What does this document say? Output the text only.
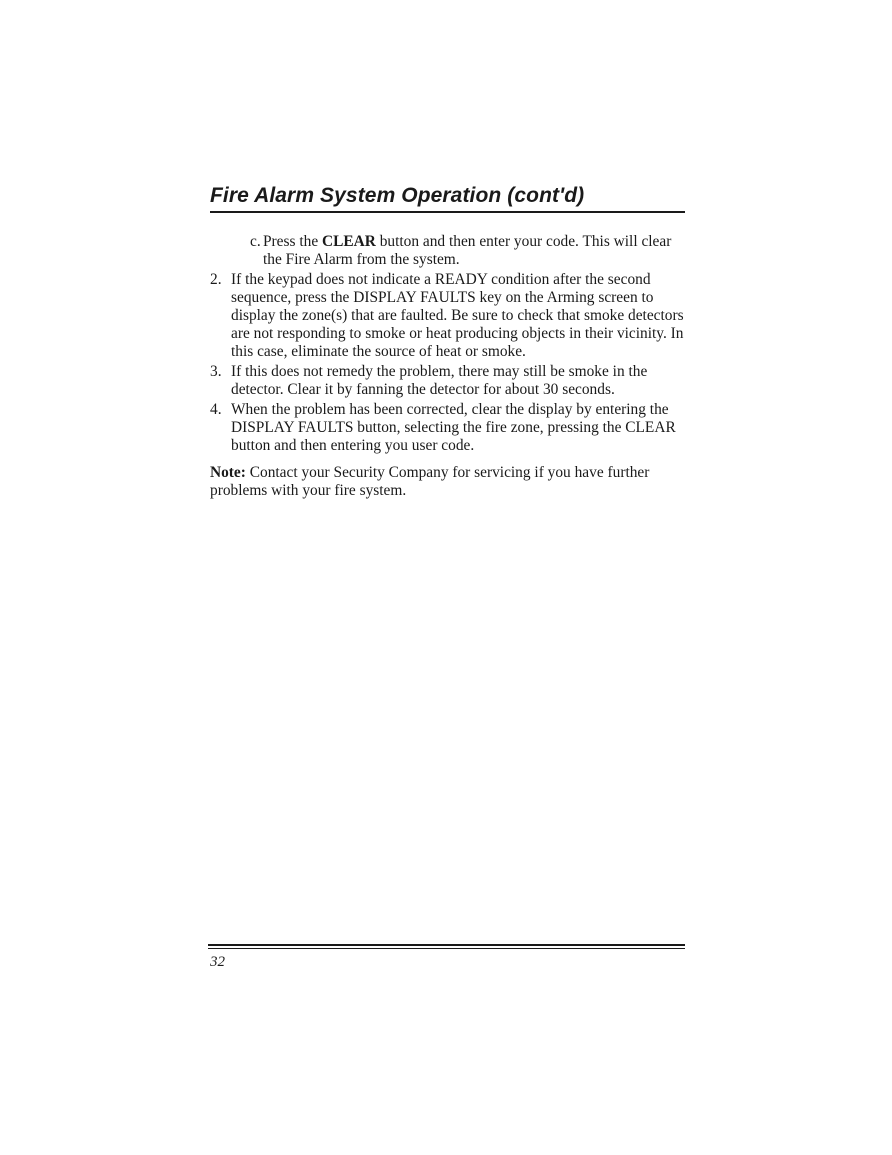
Fire Alarm System Operation (cont'd)
c. Press the CLEAR button and then enter your code. This will clear the Fire Alarm from the system.
2. If the keypad does not indicate a READY condition after the second sequence, press the DISPLAY FAULTS key on the Arming screen to display the zone(s) that are faulted. Be sure to check that smoke detectors are not responding to smoke or heat producing objects in their vicinity. In this case, eliminate the source of heat or smoke.
3. If this does not remedy the problem, there may still be smoke in the detector. Clear it by fanning the detector for about 30 seconds.
4. When the problem has been corrected, clear the display by entering the DISPLAY FAULTS button, selecting the fire zone, pressing the CLEAR button and then entering you user code.
Note: Contact your Security Company for servicing if you have further problems with your fire system.
32
